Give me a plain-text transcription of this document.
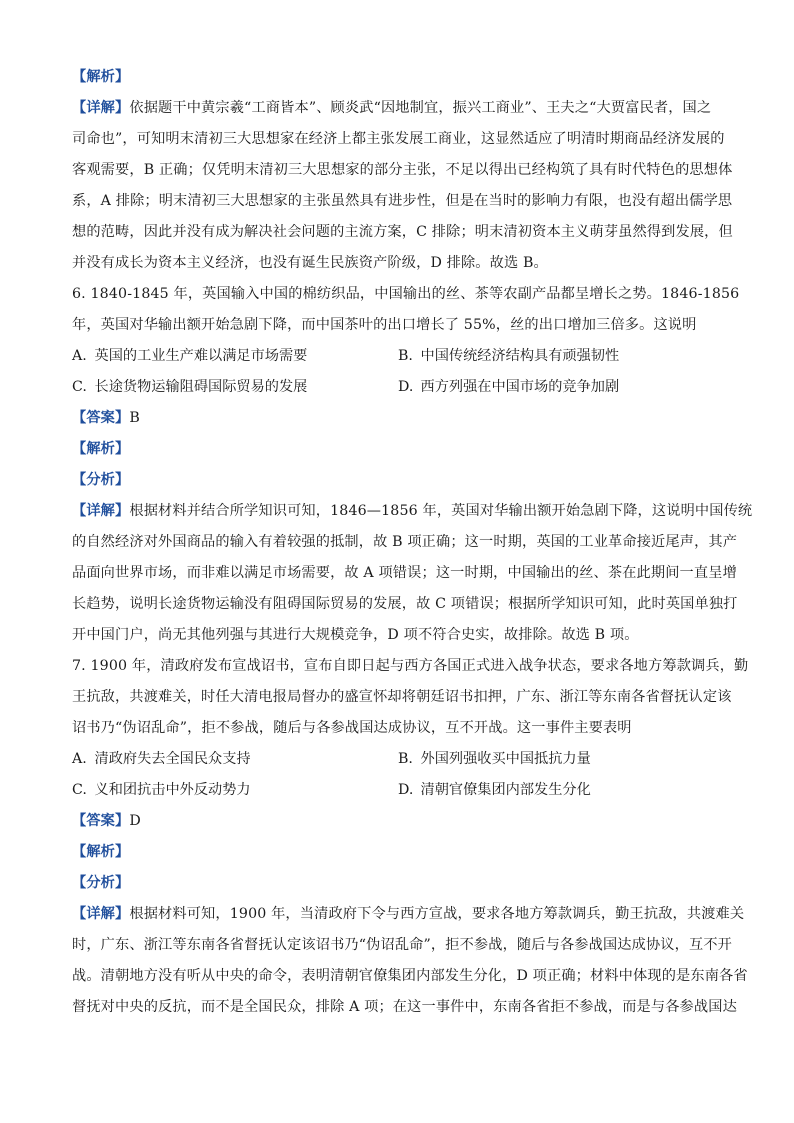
【解析】
【详解】依据题干中黄宗羲“工商皆本”、顾炎武“因地制宜，振兴工商业”、王夫之“大贾富民者，国之
司命也”，可知明末清初三大思想家在经济上都主张发展工商业，这显然适应了明清时期商品经济发展的
客观需要，B 正确；仅凭明末清初三大思想家的部分主张，不足以得出已经构筑了具有时代特色的思想体
系，A 排除；明末清初三大思想家的主张虽然具有进步性，但是在当时的影响力有限，也没有超出儒学思
想的范畴，因此并没有成为解决社会问题的主流方案，C 排除；明末清初资本主义萌芽虽然得到发展，但
并没有成长为资本主义经济，也没有诞生民族资产阶级，D 排除。故选 B。
6. 1840-1845 年，英国输入中国的棉纺织品，中国输出的丝、茶等农副产品都呈增长之势。1846-1856
年，英国对华输出额开始急剧下降，而中国茶叶的出口增长了 55%，丝的出口增加三倍多。这说明
A. 英国的工业生产难以满足市场需要	B. 中国传统经济结构具有顽强韧性
C. 长途货物运输阻碍国际贸易的发展	D. 西方列强在中国市场的竞争加剧
【答案】B
【解析】
【分析】
【详解】根据材料并结合所学知识可知，1846—1856 年，英国对华输出额开始急剧下降，这说明中国传统
的自然经济对外国商品的输入有着较强的抵制，故 B 项正确；这一时期，英国的工业革命接近尾声，其产
品面向世界市场，而非难以满足市场需要，故 A 项错误；这一时期，中国输出的丝、茶在此期间一直呈增
长趋势，说明长途货物运输没有阻碍国际贸易的发展，故 C 项错误；根据所学知识可知，此时英国单独打
开中国门户，尚无其他列强与其进行大规模竞争，D 项不符合史实，故排除。故选 B 项。
7. 1900 年，清政府发布宣战诏书，宣布自即日起与西方各国正式进入战争状态，要求各地方筹款调兵，勤
王抗敌，共渡难关，时任大清电报局督办的盛宣怀却将朝廷诏书扣押，广东、浙江等东南各省督抚认定该
诏书乃“伪诏乱命”，拒不参战，随后与各参战国达成协议，互不开战。这一事件主要表明
A. 清政府失去全国民众支持	B. 外国列强收买中国抵抗力量
C. 义和团抗击中外反动势力	D. 清朝官僚集团内部发生分化
【答案】D
【解析】
【分析】
【详解】根据材料可知，1900 年，当清政府下令与西方宣战，要求各地方筹款调兵，勤王抗敌，共渡难关
时，广东、浙江等东南各省督抚认定该诏书乃“伪诏乱命”，拒不参战，随后与各参战国达成协议，互不开
战。清朝地方没有听从中央的命令，表明清朝官僚集团内部发生分化，D 项正确；材料中体现的是东南各省
督抚对中央的反抗，而不是全国民众，排除 A 项；在这一事件中，东南各省拒不参战，而是与各参战国达
